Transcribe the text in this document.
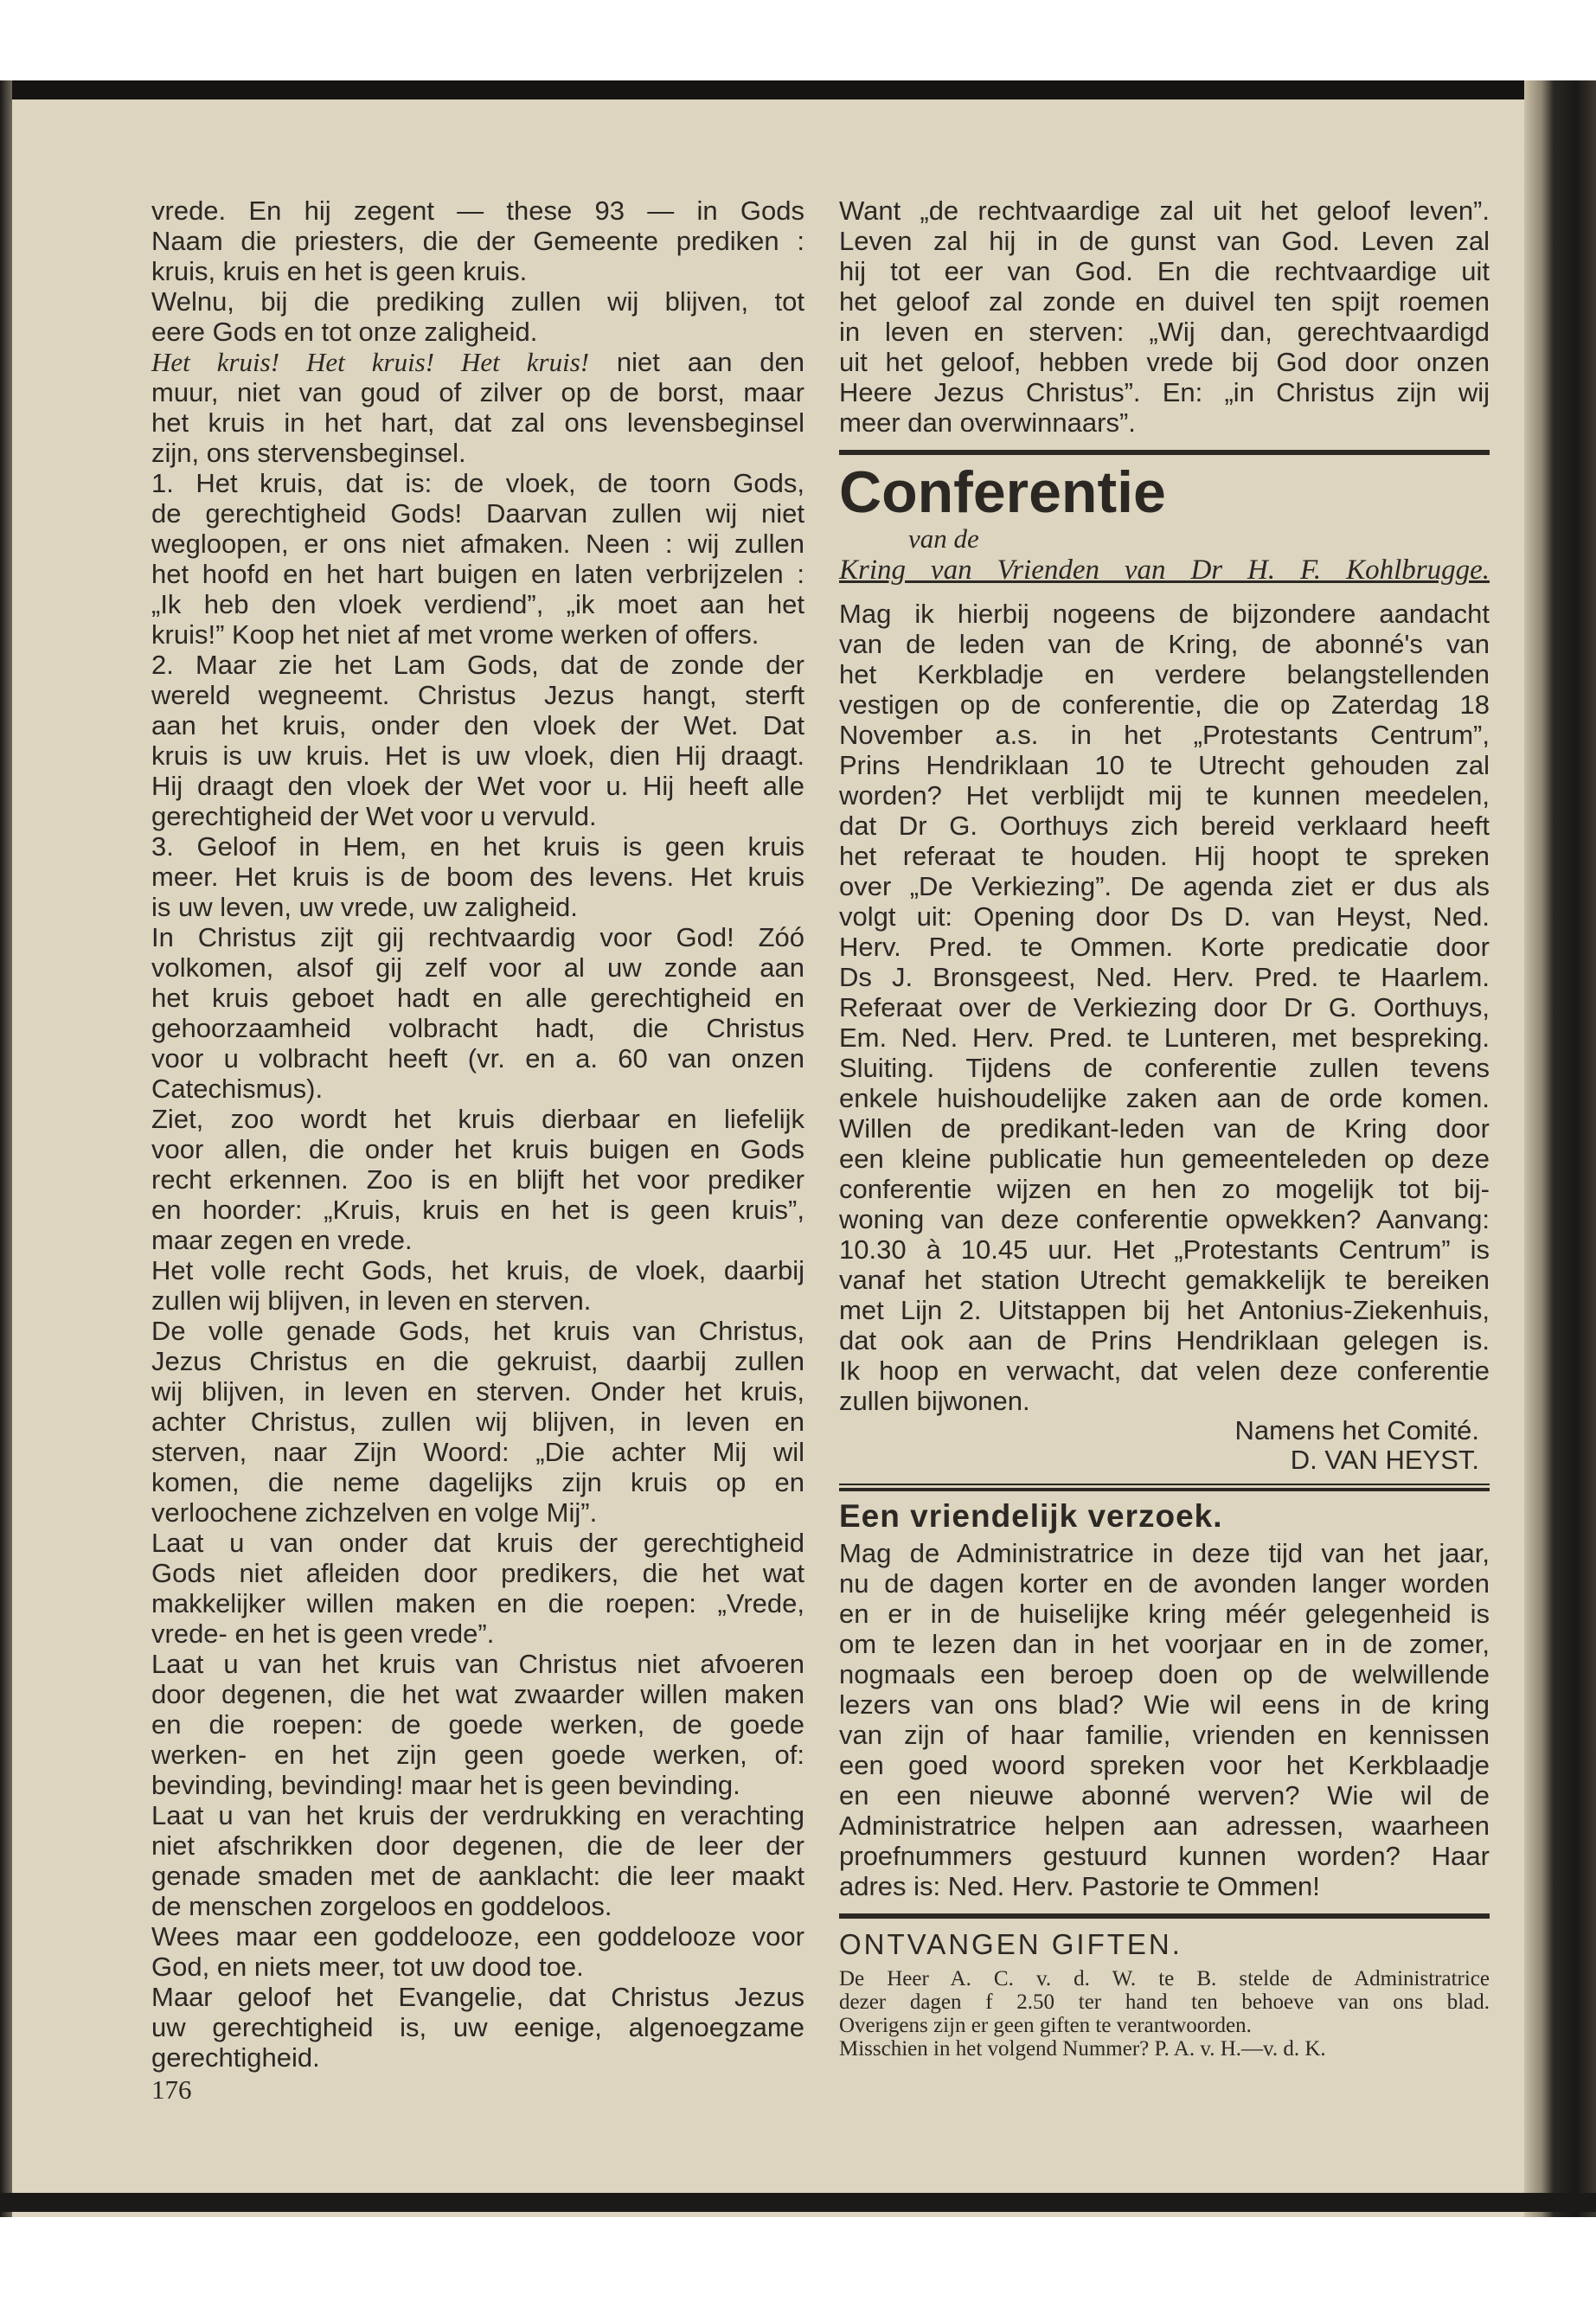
vrede. En hij zegent — these 93 — in Gods
Naam die priesters, die der Gemeente prediken :
kruis, kruis en het is geen kruis.
Welnu, bij die prediking zullen wij blijven, tot
eere Gods en tot onze zaligheid.
Het kruis! Het kruis! Het kruis! niet aan den
muur, niet van goud of zilver op de borst, maar
het kruis in het hart, dat zal ons levensbeginsel
zijn, ons stervensbeginsel.
1. Het kruis, dat is: de vloek, de toorn Gods,
de gerechtigheid Gods! Daarvan zullen wij niet
wegloopen, er ons niet afmaken. Neen : wij zullen
het hoofd en het hart buigen en laten verbrijzelen :
„Ik heb den vloek verdiend”, „ik moet aan het
kruis!” Koop het niet af met vrome werken of offers.
2. Maar zie het Lam Gods, dat de zonde der
wereld wegneemt. Christus Jezus hangt, sterft
aan het kruis, onder den vloek der Wet. Dat
kruis is uw kruis. Het is uw vloek, dien Hij draagt.
Hij draagt den vloek der Wet voor u. Hij heeft alle
gerechtigheid der Wet voor u vervuld.
3. Geloof in Hem, en het kruis is geen kruis
meer. Het kruis is de boom des levens. Het kruis
is uw leven, uw vrede, uw zaligheid.
In Christus zijt gij rechtvaardig voor God! Zóó
volkomen, alsof gij zelf voor al uw zonde aan
het kruis geboet hadt en alle gerechtigheid en
gehoorzaamheid volbracht hadt, die Christus
voor u volbracht heeft (vr. en a. 60 van onzen
Catechismus).
Ziet, zoo wordt het kruis dierbaar en liefelijk
voor allen, die onder het kruis buigen en Gods
recht erkennen. Zoo is en blijft het voor prediker
en hoorder: „Kruis, kruis en het is geen kruis”,
maar zegen en vrede.
Het volle recht Gods, het kruis, de vloek, daarbij
zullen wij blijven, in leven en sterven.
De volle genade Gods, het kruis van Christus,
Jezus Christus en die gekruist, daarbij zullen
wij blijven, in leven en sterven. Onder het kruis,
achter Christus, zullen wij blijven, in leven en
sterven, naar Zijn Woord: „Die achter Mij wil
komen, die neme dagelijks zijn kruis op en
verloochene zichzelven en volge Mij”.
Laat u van onder dat kruis der gerechtigheid
Gods niet afleiden door predikers, die het wat
makkelijker willen maken en die roepen: „Vrede,
vrede- en het is geen vrede”.
Laat u van het kruis van Christus niet afvoeren
door degenen, die het wat zwaarder willen maken
en die roepen: de goede werken, de goede
werken- en het zijn geen goede werken, of:
bevinding, bevinding! maar het is geen bevinding.
Laat u van het kruis der verdrukking en verachting
niet afschrikken door degenen, die de leer der
genade smaden met de aanklacht: die leer maakt
de menschen zorgeloos en goddeloos.
Wees maar een goddelooze, een goddelooze voor
God, en niets meer, tot uw dood toe.
Maar geloof het Evangelie, dat Christus Jezus
uw gerechtigheid is, uw eenige, algenoegzame
gerechtigheid.
176
Want „de rechtvaardige zal uit het geloof leven”.
Leven zal hij in de gunst van God. Leven zal
hij tot eer van God. En die rechtvaardige uit
het geloof zal zonde en duivel ten spijt roemen
in leven en sterven: „Wij dan, gerechtvaardigd
uit het geloof, hebben vrede bij God door onzen
Heere Jezus Christus”. En: „in Christus zijn wij
meer dan overwinnaars”.
Conferentie
van de
Kring van Vrienden van Dr H. F. Kohlbrugge.
Mag ik hierbij nogeens de bijzondere aandacht
van de leden van de Kring, de abonné's van
het Kerkbladje en verdere belangstellenden
vestigen op de conferentie, die op Zaterdag 18
November a.s. in het „Protestants Centrum”,
Prins Hendriklaan 10 te Utrecht gehouden zal
worden? Het verblijdt mij te kunnen meedelen,
dat Dr G. Oorthuys zich bereid verklaard heeft
het referaat te houden. Hij hoopt te spreken
over „De Verkiezing”. De agenda ziet er dus als
volgt uit: Opening door Ds D. van Heyst, Ned.
Herv. Pred. te Ommen. Korte predicatie door
Ds J. Bronsgeest, Ned. Herv. Pred. te Haarlem.
Referaat over de Verkiezing door Dr G. Oorthuys,
Em. Ned. Herv. Pred. te Lunteren, met bespreking.
Sluiting. Tijdens de conferentie zullen tevens
enkele huishoudelijke zaken aan de orde komen.
Willen de predikant-leden van de Kring door
een kleine publicatie hun gemeenteleden op deze
conferentie wijzen en hen zo mogelijk tot bij-
woning van deze conferentie opwekken? Aanvang:
10.30 à 10.45 uur. Het „Protestants Centrum” is
vanaf het station Utrecht gemakkelijk te bereiken
met Lijn 2. Uitstappen bij het Antonius-Ziekenhuis,
dat ook aan de Prins Hendriklaan gelegen is.
Ik hoop en verwacht, dat velen deze conferentie
zullen bijwonen.
Namens het Comité.
D. VAN HEYST.
Een vriendelijk verzoek.
Mag de Administratrice in deze tijd van het jaar,
nu de dagen korter en de avonden langer worden
en er in de huiselijke kring méér gelegenheid is
om te lezen dan in het voorjaar en in de zomer,
nogmaals een beroep doen op de welwillende
lezers van ons blad? Wie wil eens in de kring
van zijn of haar familie, vrienden en kennissen
een goed woord spreken voor het Kerkblaadje
en een nieuwe abonné werven? Wie wil de
Administratrice helpen aan adressen, waarheen
proefnummers gestuurd kunnen worden? Haar
adres is: Ned. Herv. Pastorie te Ommen!
ONTVANGEN GIFTEN.
De Heer A. C. v. d. W. te B. stelde de Administratrice
dezer dagen f 2.50 ter hand ten behoeve van ons blad.
Overigens zijn er geen giften te verantwoorden.
Misschien in het volgend Nummer? P. A. v. H.—v. d. K.
